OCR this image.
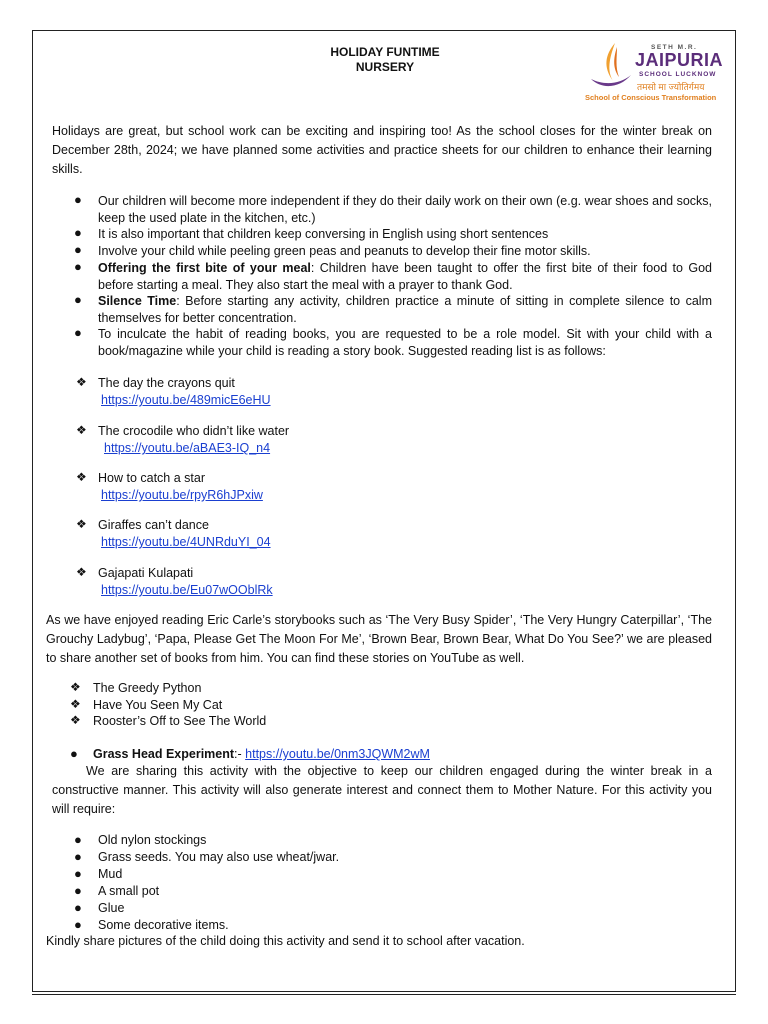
HOLIDAY FUNTIME
NURSERY
SETH M.R.
JAIPURIA
SCHOOL LUCKNOW
तमसो मा ज्योतिर्गमय
School of Conscious Transformation
Holidays are great, but school work can be exciting and inspiring too! As the school closes for the winter break on December 28th, 2024; we have planned some activities and practice sheets for our children to enhance their learning skills.
● Our children will become more independent if they do their daily work on their own (e.g. wear shoes and socks, keep the used plate in the kitchen, etc.)
● It is also important that children keep conversing in English using short sentences
● Involve your child while peeling green peas and peanuts to develop their fine motor skills.
● Offering the first bite of your meal: Children have been taught to offer the first bite of their food to God before starting a meal. They also start the meal with a prayer to thank God.
● Silence Time: Before starting any activity, children practice a minute of sitting in complete silence to calm themselves for better concentration.
● To inculcate the habit of reading books, you are requested to be a role model. Sit with your child with a book/magazine while your child is reading a story book. Suggested reading list is as follows:
❖ The day the crayons quit
https://youtu.be/489micE6eHU
❖ The crocodile who didn’t like water
https://youtu.be/aBAE3-IQ_n4
❖ How to catch a star
https://youtu.be/rpyR6hJPxiw
❖ Giraffes can’t dance
https://youtu.be/4UNRduYI_04
❖ Gajapati Kulapati
https://youtu.be/Eu07wOOblRk
As we have enjoyed reading Eric Carle’s storybooks such as ‘The Very Busy Spider’, ‘The Very Hungry Caterpillar’, ‘The Grouchy Ladybug’, ‘Papa, Please Get The Moon For Me’, ‘Brown Bear, Brown Bear, What Do You See?’ we are pleased to share another set of books from him. You can find these stories on YouTube as well.
❖ The Greedy Python
❖ Have You Seen My Cat
❖ Rooster’s Off to See The World
● Grass Head Experiment:- https://youtu.be/0nm3JQWM2wM
We are sharing this activity with the objective to keep our children engaged during the winter break in a constructive manner. This activity will also generate interest and connect them to Mother Nature. For this activity you will require:
● Old nylon stockings
● Grass seeds. You may also use wheat/jwar.
● Mud
● A small pot
● Glue
● Some decorative items.
Kindly share pictures of the child doing this activity and send it to school after vacation.
